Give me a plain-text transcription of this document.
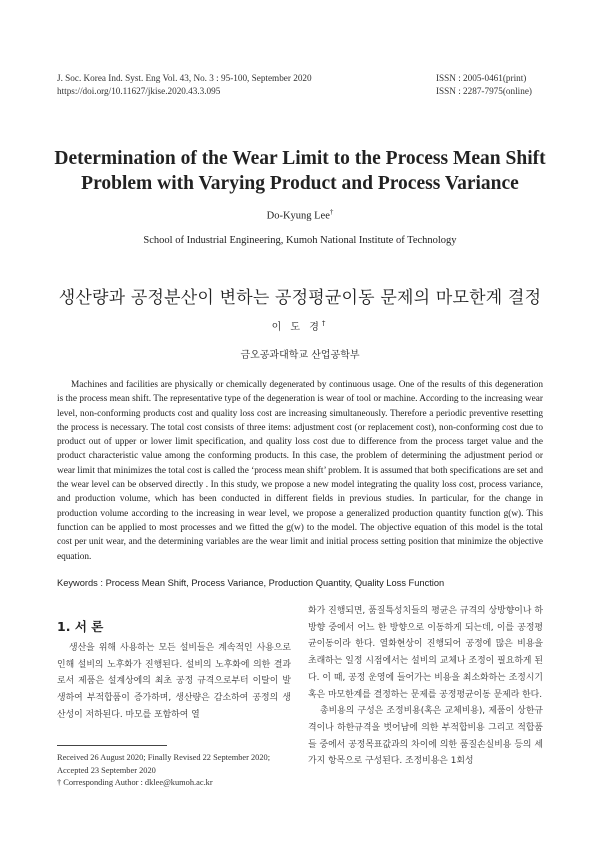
J. Soc. Korea Ind. Syst. Eng Vol. 43, No. 3 : 95-100, September 2020
https://doi.org/10.11627/jkise.2020.43.3.095
ISSN : 2005-0461(print)
ISSN : 2287-7975(online)
Determination of the Wear Limit to the Process Mean Shift
Problem with Varying Product and Process Variance
Do-Kyung Lee†
School of Industrial Engineering, Kumoh National Institute of Technology
생산량과 공정분산이 변하는 공정평균이동 문제의 마모한계 결정
이 도 경†
금오공과대학교 산업공학부
Machines and facilities are physically or chemically degenerated by continuous usage. One of the results of this degeneration is the process mean shift. The representative type of the degeneration is wear of tool or machine. According to the increasing wear level, non-conforming products cost and quality loss cost are increasing simultaneously. Therefore a periodic preventive resetting the process is necessary. The total cost consists of three items: adjustment cost (or replacement cost), non-conforming cost due to product out of upper or lower limit specification, and quality loss cost due to difference from the process target value and the product characteristic value among the conforming products. In this case, the problem of determining the adjustment period or wear limit that minimizes the total cost is called the ‘process mean shift’ problem. It is assumed that both specifications are set and the wear level can be observed directly . In this study, we propose a new model integrating the quality loss cost, process variance, and production volume, which has been conducted in different fields in previous studies. In particular, for the change in production volume according to the increasing in wear level, we propose a generalized production quantity function g(w). This function can be applied to most processes and we fitted the g(w) to the model. The objective equation of this model is the total cost per unit wear, and the determining variables are the wear limit and initial process setting position that minimize the objective equation.
Keywords : Process Mean Shift, Process Variance, Production Quantity, Quality Loss Function
1. 서 론
생산을 위해 사용하는 모든 설비들은 계속적인 사용으로 인해 설비의 노후화가 진행된다. 설비의 노후화에 의한 결과로서 제품은 설계상에의 최초 공정 규격으로부터 이탈이 발생하여 부적합품이 증가하며, 생산량은 감소하여 공정의 생산성이 저하된다. 마모를 포함하여 열

화가 진행되면, 품질특성치들의 평균은 규격의 상방향이나 하방향 중에서 어느 한 방향으로 이동하게 되는데, 이를 공정평균이동이라 한다. 열화현상이 진행되어 공정에 많은 비용을 초래하는 일정 시점에서는 설비의 교체나 조정이 필요하게 된다. 이 때, 공정 운영에 들어가는 비용을 최소화하는 조정시기 혹은 마모한계를 결정하는 문제를 공정평균이동 문제라 한다.

총비용의 구성은 조정비용(혹은 교체비용), 제품이 상한규격이나 하한규격을 벗어남에 의한 부적합비용 그리고 적합품들 중에서 공정목표값과의 차이에 의한 품질손실비용 등의 세 가지 항목으로 구성된다. 조정비용은 1회성

Received 26 August 2020; Finally Revised 22 September 2020;
Accepted 23 September 2020
† Corresponding Author : dklee@kumoh.ac.kr
